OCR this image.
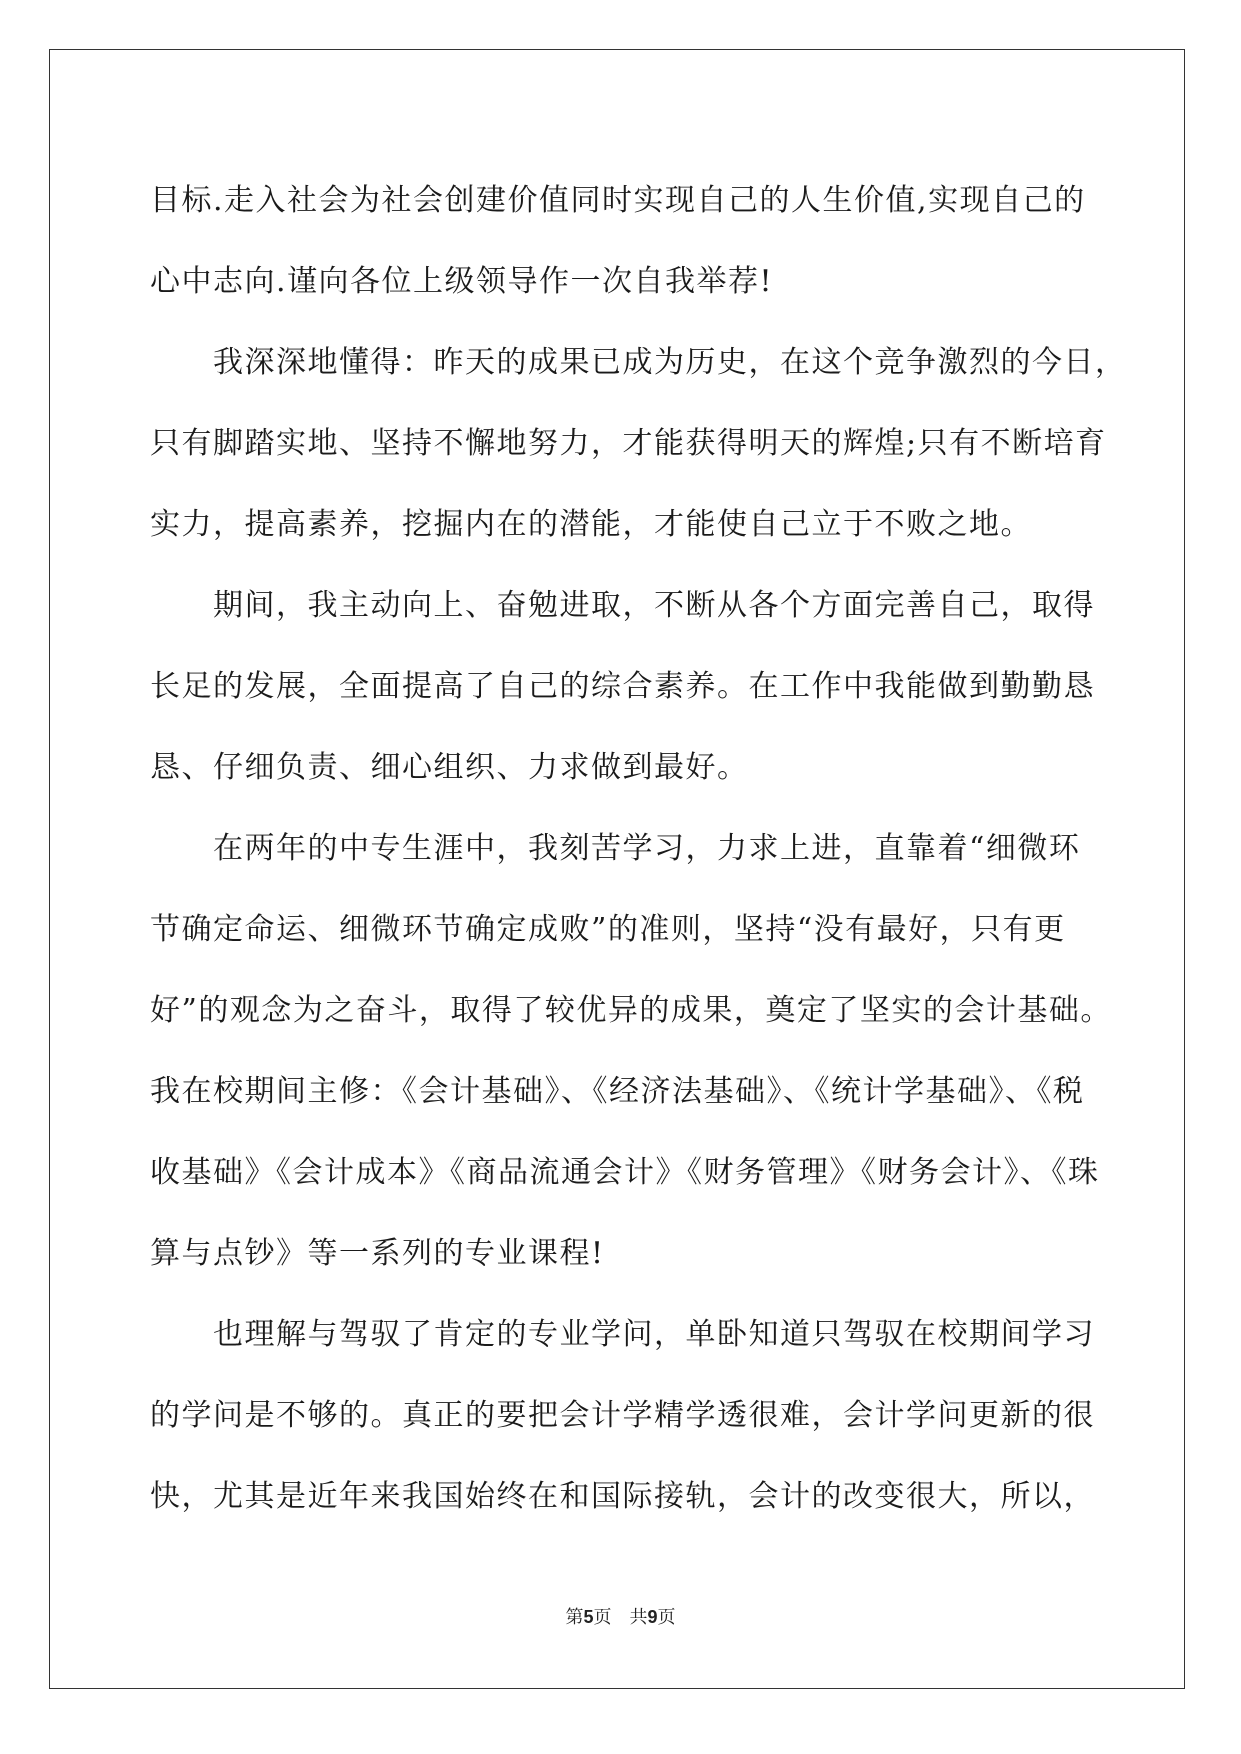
目标.走入社会为社会创建价值同时实现自己的人生价值,实现自己的

心中志向.谨向各位上级领导作一次自我举荐!

我深深地懂得：昨天的成果已成为历史，在这个竞争激烈的今日，

只有脚踏实地、坚持不懈地努力，才能获得明天的辉煌;只有不断培育

实力，提高素养，挖掘内在的潜能，才能使自己立于不败之地。

期间，我主动向上、奋勉进取，不断从各个方面完善自己，取得

长足的发展，全面提高了自己的综合素养。在工作中我能做到勤勤恳

恳、仔细负责、细心组织、力求做到最好。

在两年的中专生涯中，我刻苦学习，力求上进，直靠着“细微环

节确定命运、细微环节确定成败”的准则，坚持“没有最好，只有更

好”的观念为之奋斗，取得了较优异的成果，奠定了坚实的会计基础。

我在校期间主修：《会计基础》、《经济法基础》、《统计学基础》、《税

收基础》《会计成本》《商品流通会计》《财务管理》《财务会计》、《珠

算与点钞》等一系列的专业课程!

也理解与驾驭了肯定的专业学问，单卧知道只驾驭在校期间学习

的学问是不够的。真正的要把会计学精学透很难，会计学问更新的很

快，尤其是近年来我国始终在和国际接轨，会计的改变很大，所以，

第5页　共9页
